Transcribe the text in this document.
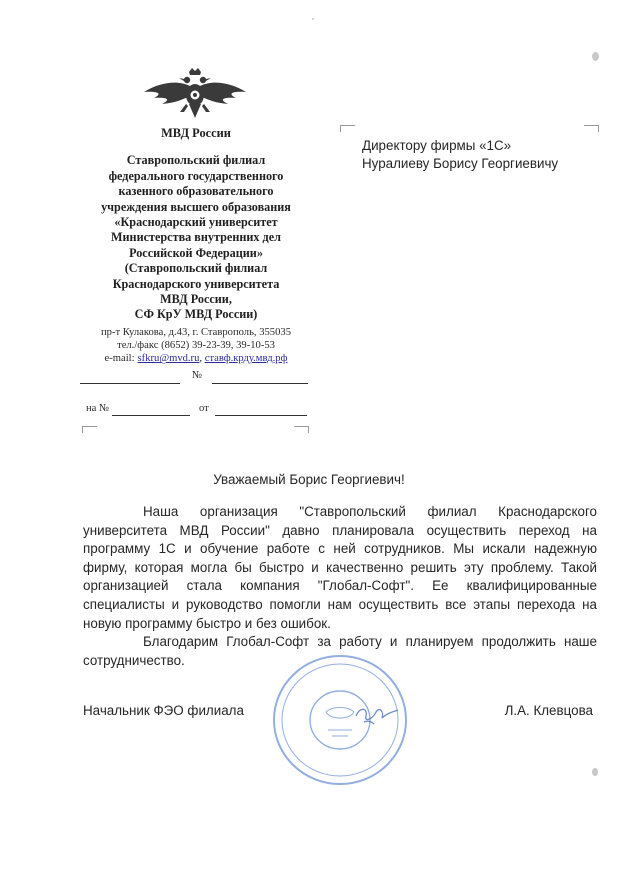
МВД России
Ставропольский филиал
федерального государственного
казенного образовательного
учреждения высшего образования
«Краснодарский университет
Министерства внутренних дел
Российской Федерации»
(Ставропольский филиал
Краснодарского университета
МВД России,
СФ КрУ МВД России)
пр-т Кулакова, д.43, г. Ставрополь, 355035
тел./факс (8652) 39-23-39, 39-10-53
e-mail: sfkru@mvd.ru, ставф.крду.мвд.рф
№
на №	от
Директору фирмы «1С»
Нуралиеву Борису Георгиевичу
Уважаемый Борис Георгиевич!

Наша организация "Ставропольский филиал Краснодарского университета МВД России" давно планировала осуществить переход на программу 1С и обучение работе с ней сотрудников. Мы искали надежную фирму, которая могла бы быстро и качественно решить эту проблему. Такой организацией стала компания "Глобал-Софт". Ее квалифицированные специалисты и руководство помогли нам осуществить все этапы перехода на новую программу быстро и без ошибок.

Благодарим Глобал-Софт за работу и планируем продолжить наше сотрудничество.

Начальник ФЭО филиала	Л.А. Клевцова
